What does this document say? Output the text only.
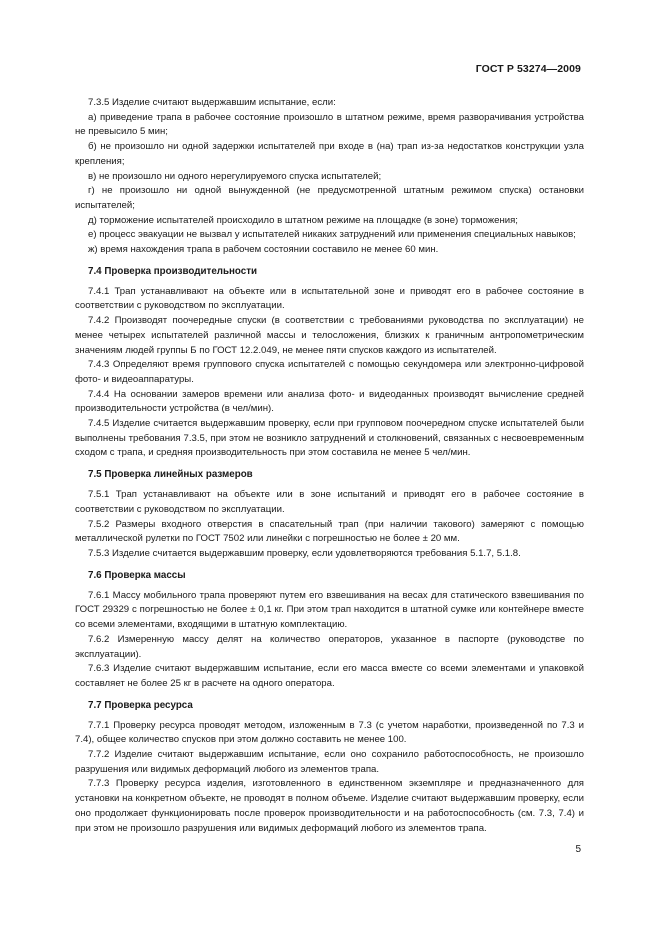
ГОСТ Р 53274—2009

7.3.5 Изделие считают выдержавшим испытание, если:

а) приведение трапа в рабочее состояние произошло в штатном режиме, время разворачивания устройства не превысило 5 мин;

б) не произошло ни одной задержки испытателей при входе в (на) трап из-за недостатков конструкции узла крепления;

в) не произошло ни одного нерегулируемого спуска испытателей;

г) не произошло ни одной вынужденной (не предусмотренной штатным режимом спуска) остановки испытателей;

д) торможение испытателей происходило в штатном режиме на площадке (в зоне) торможения;

е) процесс эвакуации не вызвал у испытателей никаких затруднений или применения специальных навыков;

ж) время нахождения трапа в рабочем состоянии составило не менее 60 мин.

7.4 Проверка производительности

7.4.1 Трап устанавливают на объекте или в испытательной зоне и приводят его в рабочее состояние в соответствии с руководством по эксплуатации.

7.4.2 Производят поочередные спуски (в соответствии с требованиями руководства по эксплуатации) не менее четырех испытателей различной массы и телосложения, близких к граничным антропометрическим значениям людей группы Б по ГОСТ 12.2.049, не менее пяти спусков каждого из испытателей.

7.4.3 Определяют время группового спуска испытателей с помощью секундомера или электронно-цифровой фото- и видеоаппаратуры.

7.4.4 На основании замеров времени или анализа фото- и видеоданных производят вычисление средней производительности устройства (в чел/мин).

7.4.5 Изделие считается выдержавшим проверку, если при групповом поочередном спуске испытателей были выполнены требования 7.3.5, при этом не возникло затруднений и столкновений, связанных с несвоевременным сходом с трапа, и средняя производительность при этом составила не менее 5 чел/мин.

7.5 Проверка линейных размеров

7.5.1 Трап устанавливают на объекте или в зоне испытаний и приводят его в рабочее состояние в соответствии с руководством по эксплуатации.

7.5.2 Размеры входного отверстия в спасательный трап (при наличии такового) замеряют с помощью металлической рулетки по ГОСТ 7502 или линейки с погрешностью не более ± 20 мм.

7.5.3 Изделие считается выдержавшим проверку, если удовлетворяются требования 5.1.7, 5.1.8.

7.6 Проверка массы

7.6.1 Массу мобильного трапа проверяют путем его взвешивания на весах для статического взвешивания по ГОСТ 29329 с погрешностью не более ± 0,1 кг. При этом трап находится в штатной сумке или контейнере вместе со всеми элементами, входящими в штатную комплектацию.

7.6.2 Измеренную массу делят на количество операторов, указанное в паспорте (руководстве по эксплуатации).

7.6.3 Изделие считают выдержавшим испытание, если его масса вместе со всеми элементами и упаковкой составляет не более 25 кг в расчете на одного оператора.

7.7 Проверка ресурса

7.7.1 Проверку ресурса проводят методом, изложенным в 7.3 (с учетом наработки, произведенной по 7.3 и 7.4), общее количество спусков при этом должно составить не менее 100.

7.7.2 Изделие считают выдержавшим испытание, если оно сохранило работоспособность, не произошло разрушения или видимых деформаций любого из элементов трапа.

7.7.3 Проверку ресурса изделия, изготовленного в единственном экземпляре и предназначенного для установки на конкретном объекте, не проводят в полном объеме. Изделие считают выдержавшим проверку, если оно продолжает функционировать после проверок производительности и на работоспособность (см. 7.3, 7.4) и при этом не произошло разрушения или видимых деформаций любого из элементов трапа.

5
